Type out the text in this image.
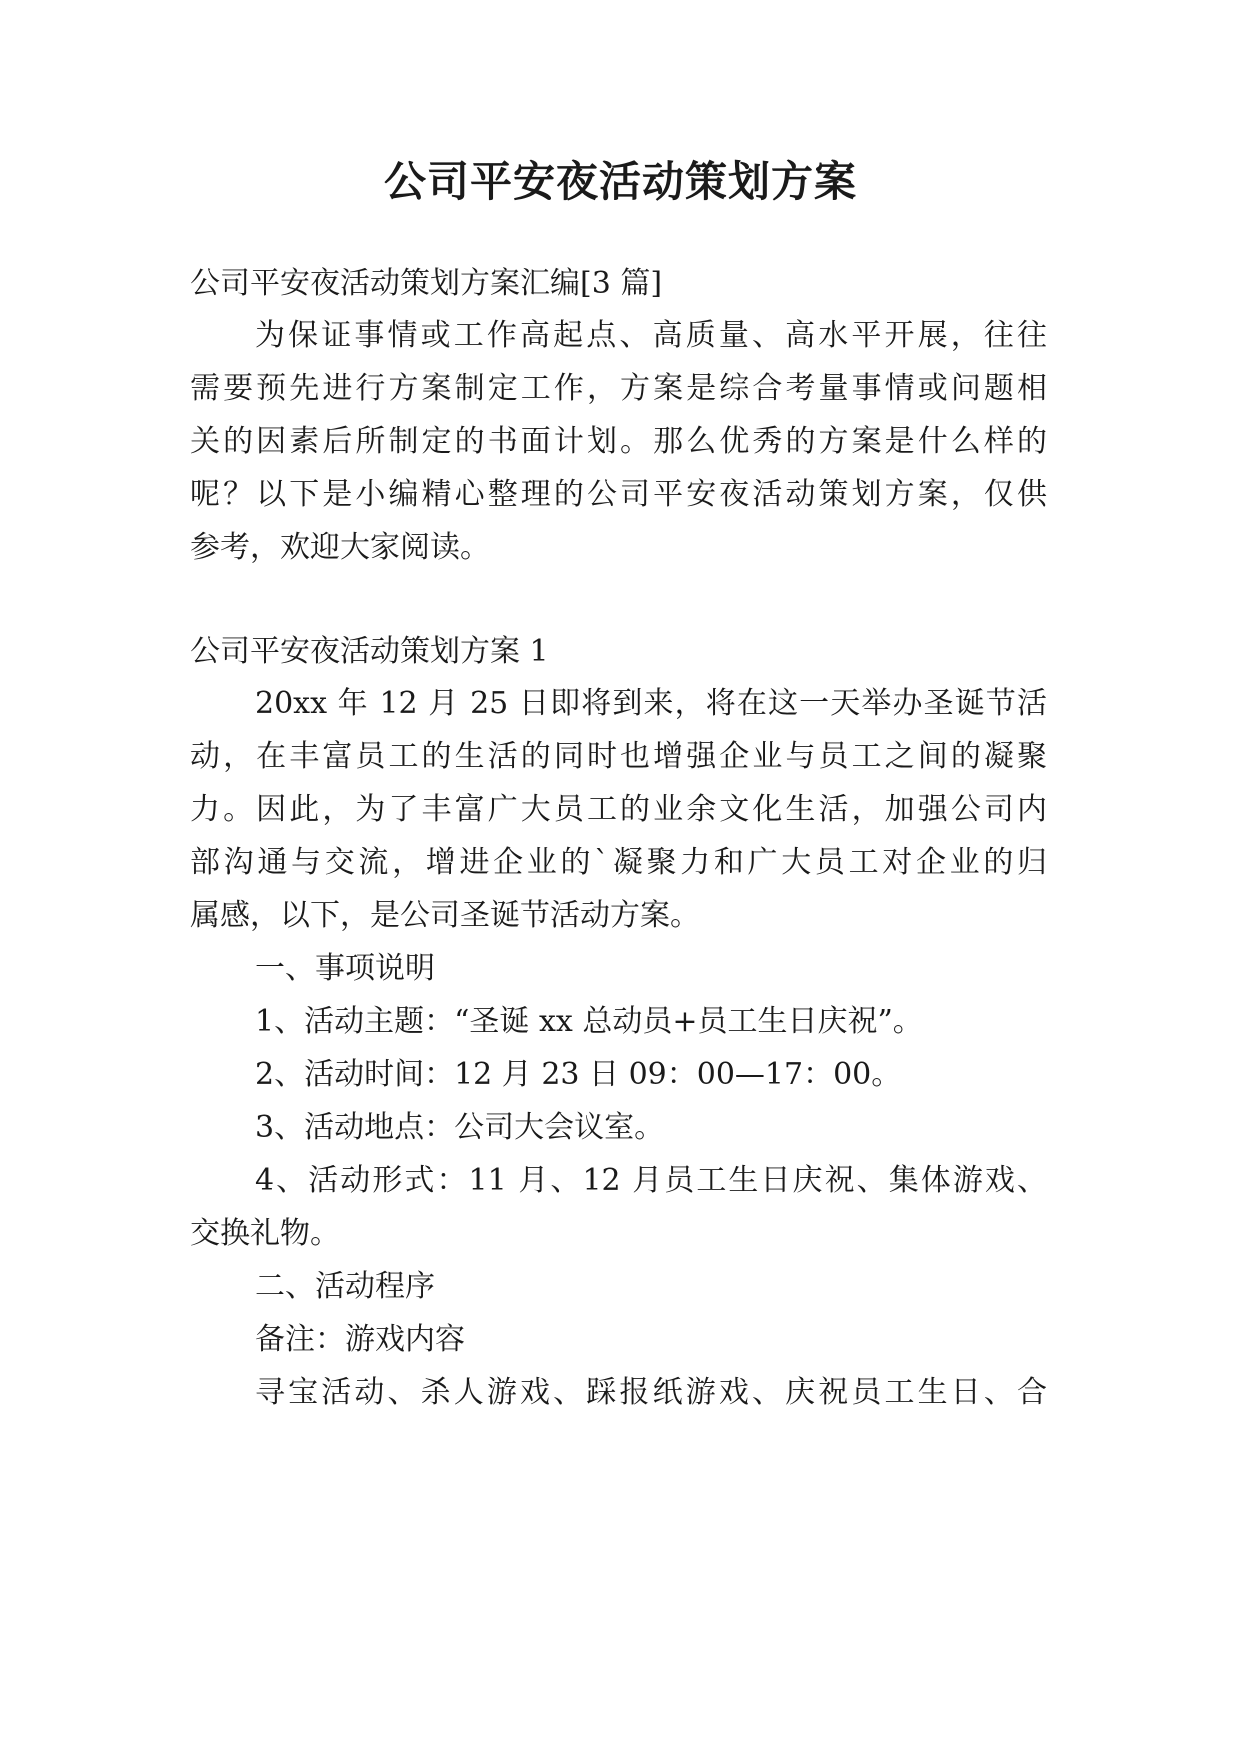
公司平安夜活动策划方案

公司平安夜活动策划方案汇编[3 篇]

为保证事情或工作高起点、高质量、高水平开展，往往

需要预先进行方案制定工作，方案是综合考量事情或问题相

关的因素后所制定的书面计划。那么优秀的方案是什么样的

呢？以下是小编精心整理的公司平安夜活动策划方案，仅供

参考，欢迎大家阅读。

公司平安夜活动策划方案 1

20xx 年 12 月 25 日即将到来，将在这一天举办圣诞节活

动，在丰富员工的生活的同时也增强企业与员工之间的凝聚

力。因此，为了丰富广大员工的业余文化生活，加强公司内

部沟通与交流，增进企业的`凝聚力和广大员工对企业的归

属感，以下，是公司圣诞节活动方案。

一、事项说明

1、活动主题：“圣诞 xx 总动员+员工生日庆祝”。

2、活动时间：12 月 23 日 09：00—17：00。

3、活动地点：公司大会议室。

4、活动形式：11 月、12 月员工生日庆祝、集体游戏、

交换礼物。

二、活动程序

备注：游戏内容

寻宝活动、杀人游戏、踩报纸游戏、庆祝员工生日、合
